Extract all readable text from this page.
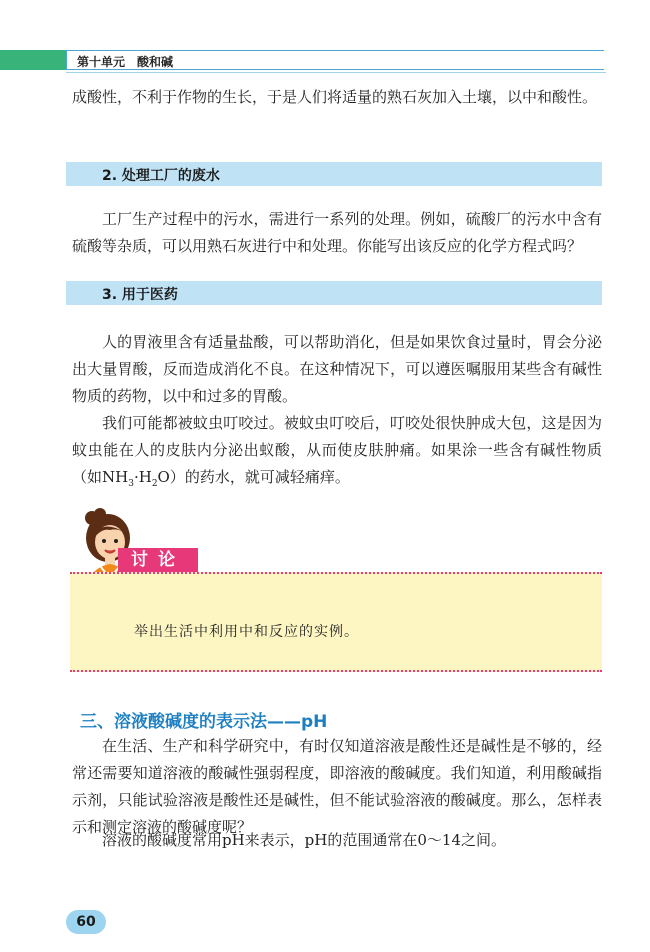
第十单元 酸和碱
成酸性，不利于作物的生长，于是人们将适量的熟石灰加入土壤，以中和酸性。
2. 处理工厂的废水
工厂生产过程中的污水，需进行一系列的处理。例如，硫酸厂的污水中含有硫酸等杂质，可以用熟石灰进行中和处理。你能写出该反应的化学方程式吗？
3. 用于医药
人的胃液里含有适量盐酸，可以帮助消化，但是如果饮食过量时，胃会分泌出大量胃酸，反而造成消化不良。在这种情况下，可以遵医嘱服用某些含有碱性物质的药物，以中和过多的胃酸。
我们可能都被蚊虫叮咬过。被蚊虫叮咬后，叮咬处很快肿成大包，这是因为蚊虫能在人的皮肤内分泌出蚁酸，从而使皮肤肿痛。如果涂一些含有碱性物质（如$NH_3\cdot H_2O$）的药水，就可减轻痛痒。
讨论
举出生活中利用中和反应的实例。
三、溶液酸碱度的表示法——pH
在生活、生产和科学研究中，有时仅知道溶液是酸性还是碱性是不够的，经常还需要知道溶液的酸碱性强弱程度，即溶液的酸碱度。我们知道，利用酸碱指示剂，只能试验溶液是酸性还是碱性，但不能试验溶液的酸碱度。那么，怎样表示和测定溶液的酸碱度呢？
溶液的酸碱度常用pH来表示，pH的范围通常在0～14之间。
60
